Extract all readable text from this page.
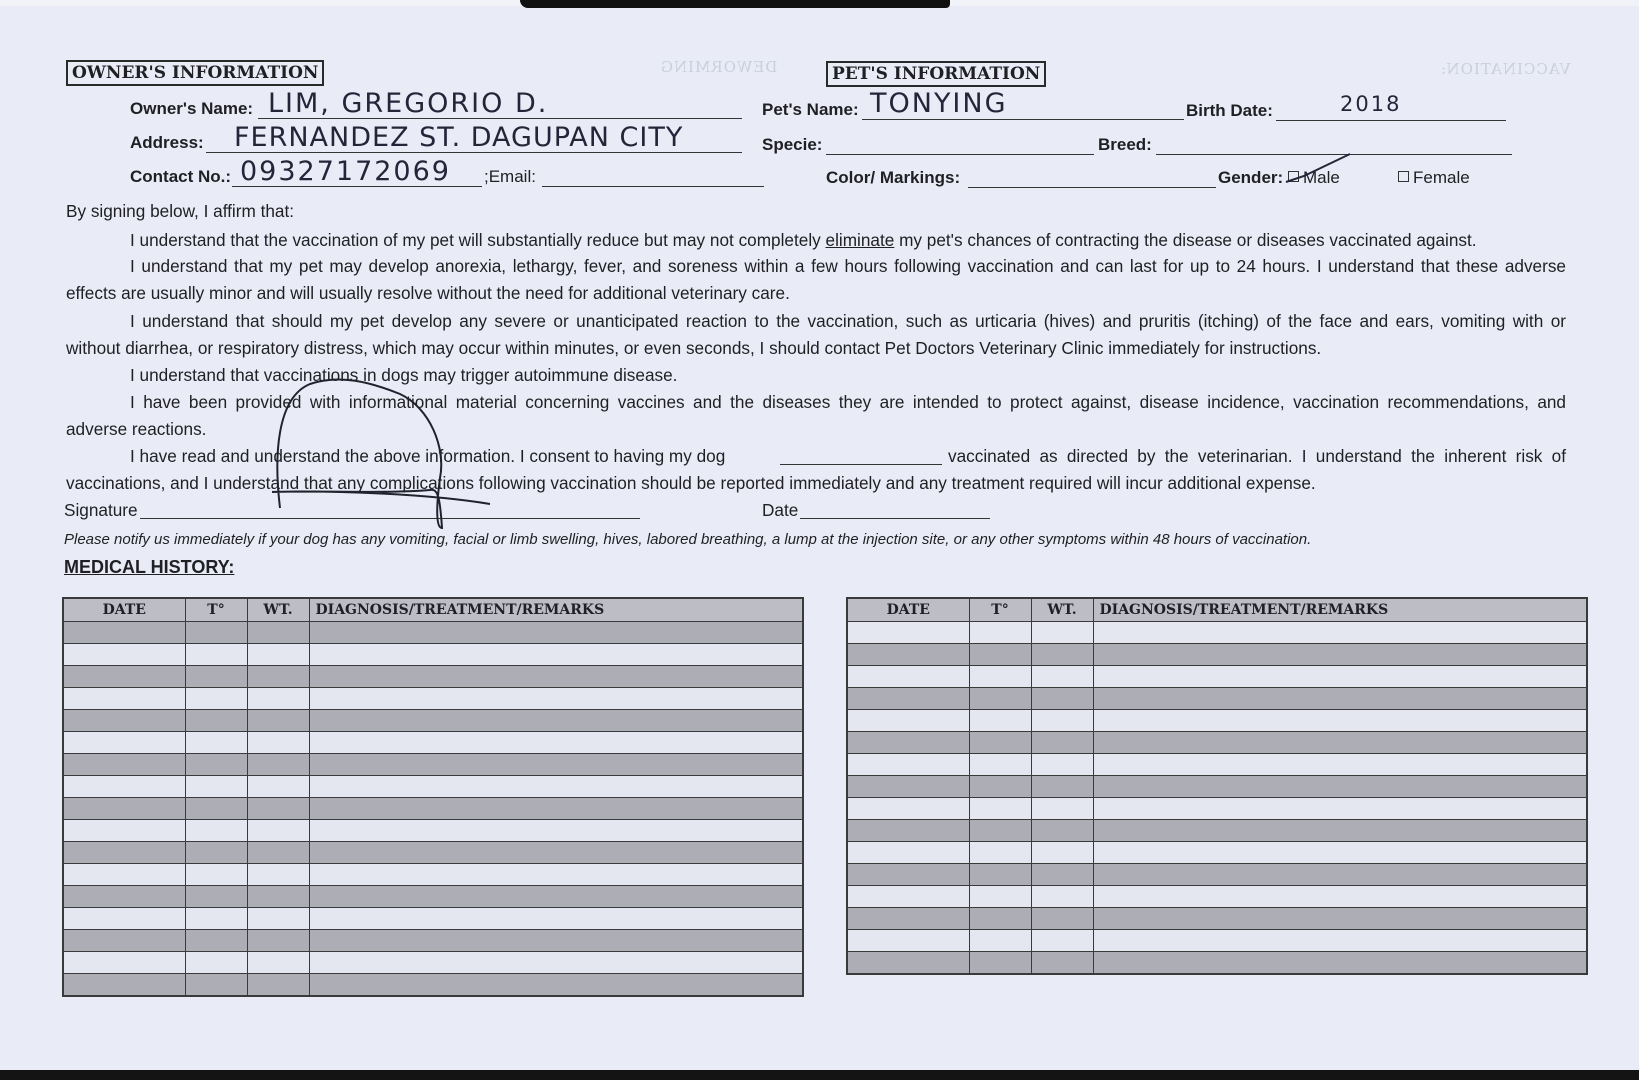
DEWORMING	VACCINATION:
OWNER'S INFORMATION
Owner's Name: LIM, GREGORIO D.
Address: FERNANDEZ ST. DAGUPAN CITY
Contact No.: 09327172069 ;Email:
PET'S INFORMATION
Pet's Name: TONYING	Birth Date:	2018
Specie:	Breed:
Color/ Markings:	Gender:	Male	Female
By signing below, I affirm that:
I understand that the vaccination of my pet will substantially reduce but may not completely eliminate my pet's chances of contracting the disease or diseases vaccinated against.
I understand that my pet may develop anorexia, lethargy, fever, and soreness within a few hours following vaccination and can last for up to 24 hours. I understand that these adverse
effects are usually minor and will usually resolve without the need for additional veterinary care.
I understand that should my pet develop any severe or unanticipated reaction to the vaccination, such as urticaria (hives) and pruritis (itching) of the face and ears, vomiting with or
without diarrhea, or respiratory distress, which may occur within minutes, or even seconds, I should contact Pet Doctors Veterinary Clinic immediately for instructions.
I understand that vaccinations in dogs may trigger autoimmune disease.
I have been provided with informational material concerning vaccines and the diseases they are intended to protect against, disease incidence, vaccination recommendations, and
adverse reactions.
I have read and understand the above information. I consent to having my dog	vaccinated as directed by the veterinarian. I understand the inherent risk of
vaccinations, and I understand that any complications following vaccination should be reported immediately and any treatment required will incur additional expense.
Signature	Date
Please notify us immediately if your dog has any vomiting, facial or limb swelling, hives, labored breathing, a lump at the injection site, or any other symptoms within 48 hours of vaccination.
MEDICAL HISTORY:
DATE	T°	WT.	DIAGNOSIS/TREATMENT/REMARKS

				DATE	T°	WT.	DIAGNOSIS/TREATMENT/REMARKS
